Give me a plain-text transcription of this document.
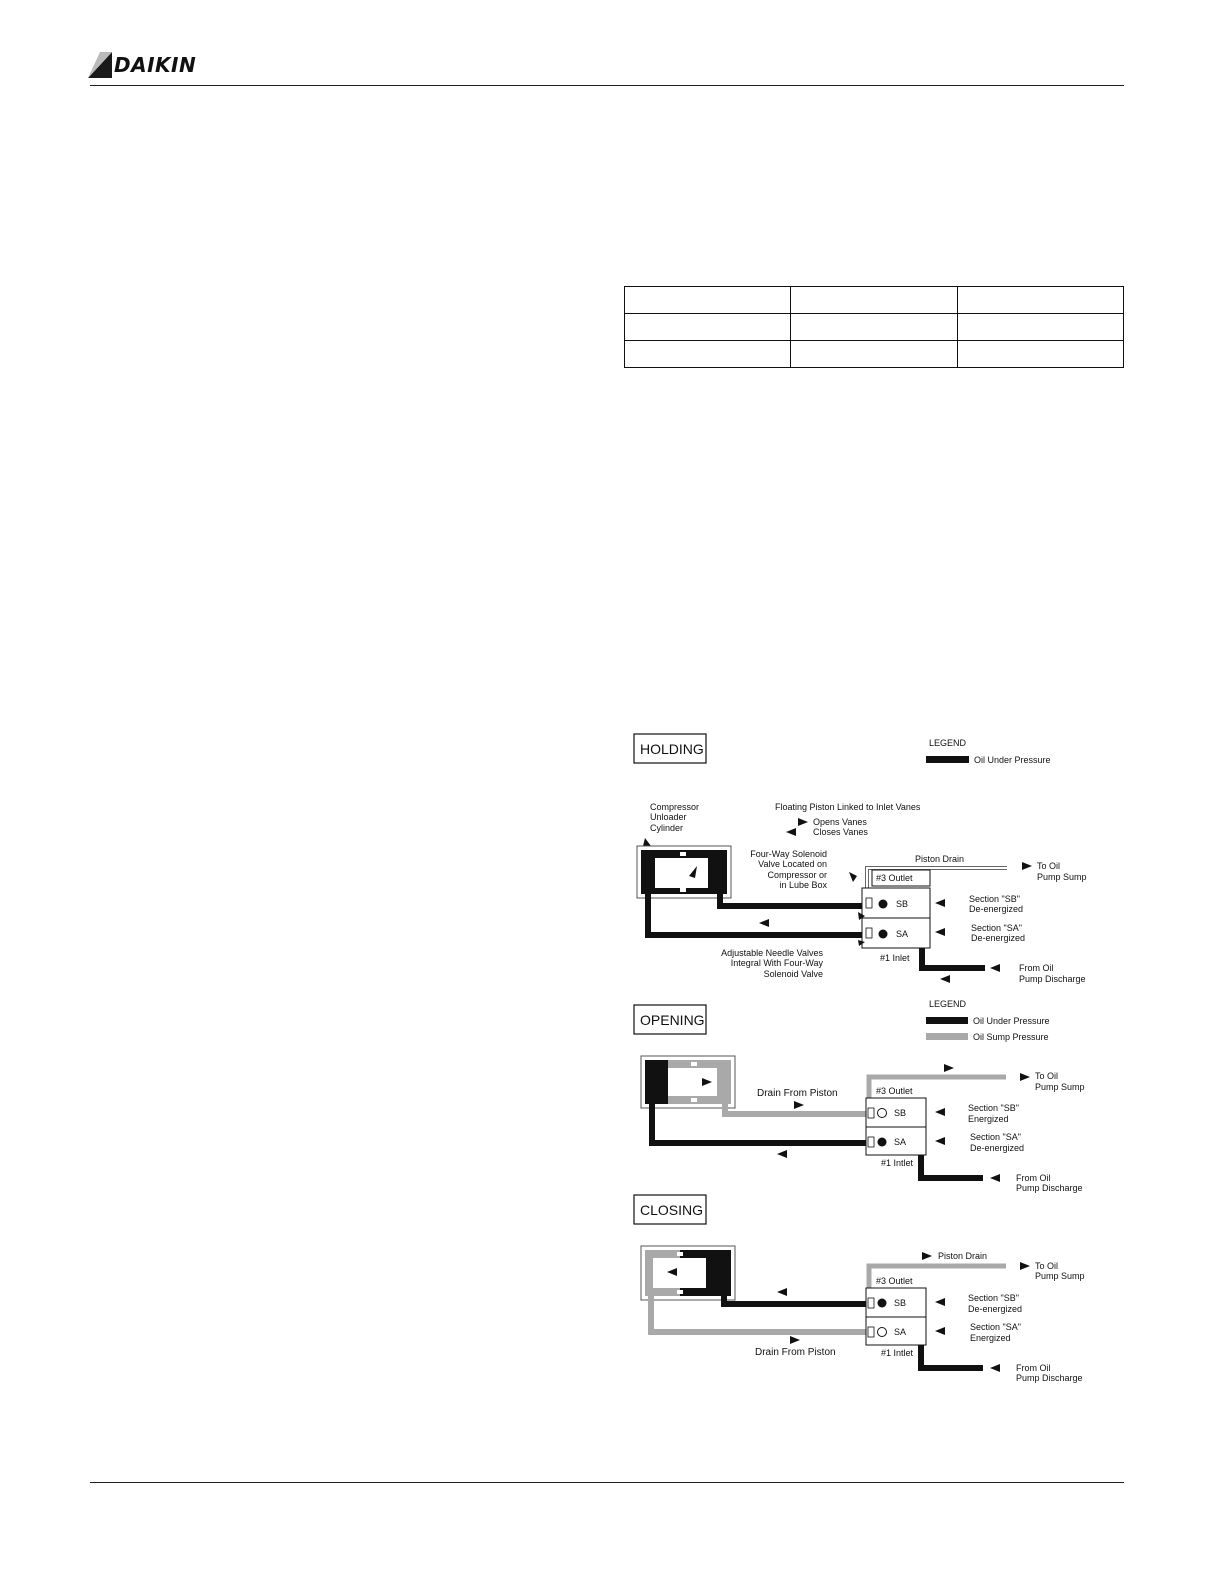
DAIKIN

HOLDING	LEGEND
Oil Under Pressure
Compressor
Unloader
Cylinder
Floating Piston Linked to Inlet Vanes
Opens Vanes
Closes Vanes
Piston Drain
To Oil
Pump Sump
Four-Way Solenoid
Valve Located on
Compressor or
in Lube Box
#3 Outlet
SB
SA
Section "SB"
De-energized
Section "SA"
De-energized
#1 Inlet
From Oil
Pump Discharge
Adjustable Needle Valves
Integral With Four-Way
Solenoid Valve
OPENING
LEGEND
Oil Under Pressure
Oil Sump Pressure
Drain From Piston
To Oil
Pump Sump
#3 Outlet
SB
SA
Section "SB"
Energized
Section "SA"
De-energized
#1 Intlet
From Oil
Pump Discharge
CLOSING
Drain From Piston
Piston Drain
To Oil
Pump Sump
#3 Outlet
SB
SA
Section "SB"
De-energized
Section "SA"
Energized
#1 Intlet
From Oil
Pump Discharge
